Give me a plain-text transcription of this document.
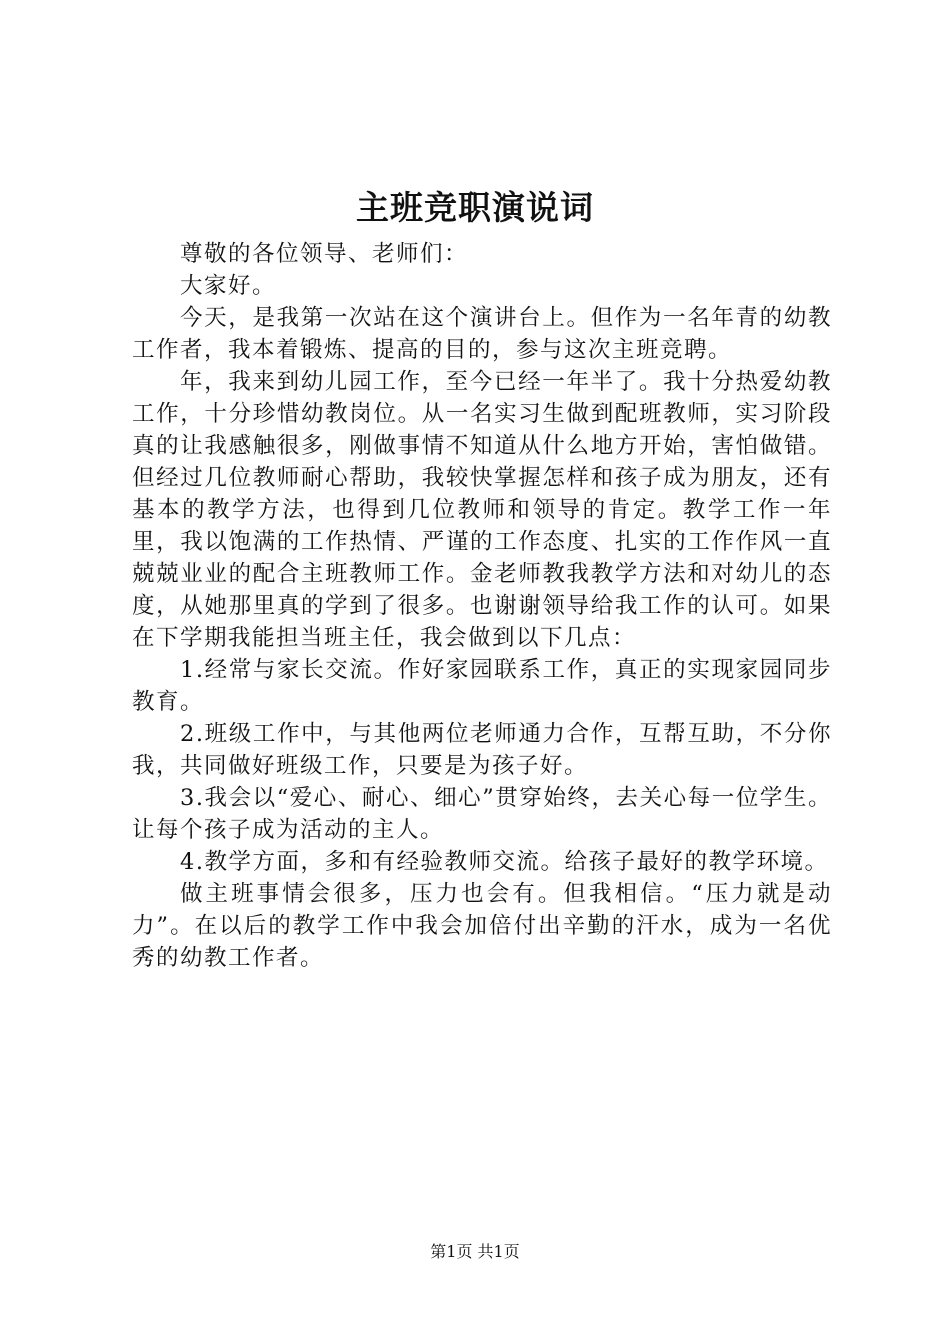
主班竞职演说词

尊敬的各位领导、老师们：

大家好。

今天，是我第一次站在这个演讲台上。但作为一名年青的幼教工作者，我本着锻炼、提高的目的，参与这次主班竞聘。

年，我来到幼儿园工作，至今已经一年半了。我十分热爱幼教工作，十分珍惜幼教岗位。从一名实习生做到配班教师，实习阶段真的让我感触很多，刚做事情不知道从什么地方开始，害怕做错。但经过几位教师耐心帮助，我较快掌握怎样和孩子成为朋友，还有基本的教学方法，也得到几位教师和领导的肯定。教学工作一年里，我以饱满的工作热情、严谨的工作态度、扎实的工作作风一直兢兢业业的配合主班教师工作。金老师教我教学方法和对幼儿的态度，从她那里真的学到了很多。也谢谢领导给我工作的认可。如果在下学期我能担当班主任，我会做到以下几点：

1.经常与家长交流。作好家园联系工作，真正的实现家园同步教育。

2.班级工作中，与其他两位老师通力合作，互帮互助，不分你我，共同做好班级工作，只要是为孩子好。

3.我会以“爱心、耐心、细心”贯穿始终，去关心每一位学生。让每个孩子成为活动的主人。

4.教学方面，多和有经验教师交流。给孩子最好的教学环境。

做主班事情会很多，压力也会有。但我相信。“压力就是动力”。在以后的教学工作中我会加倍付出辛勤的汗水，成为一名优秀的幼教工作者。

第1页 共1页
